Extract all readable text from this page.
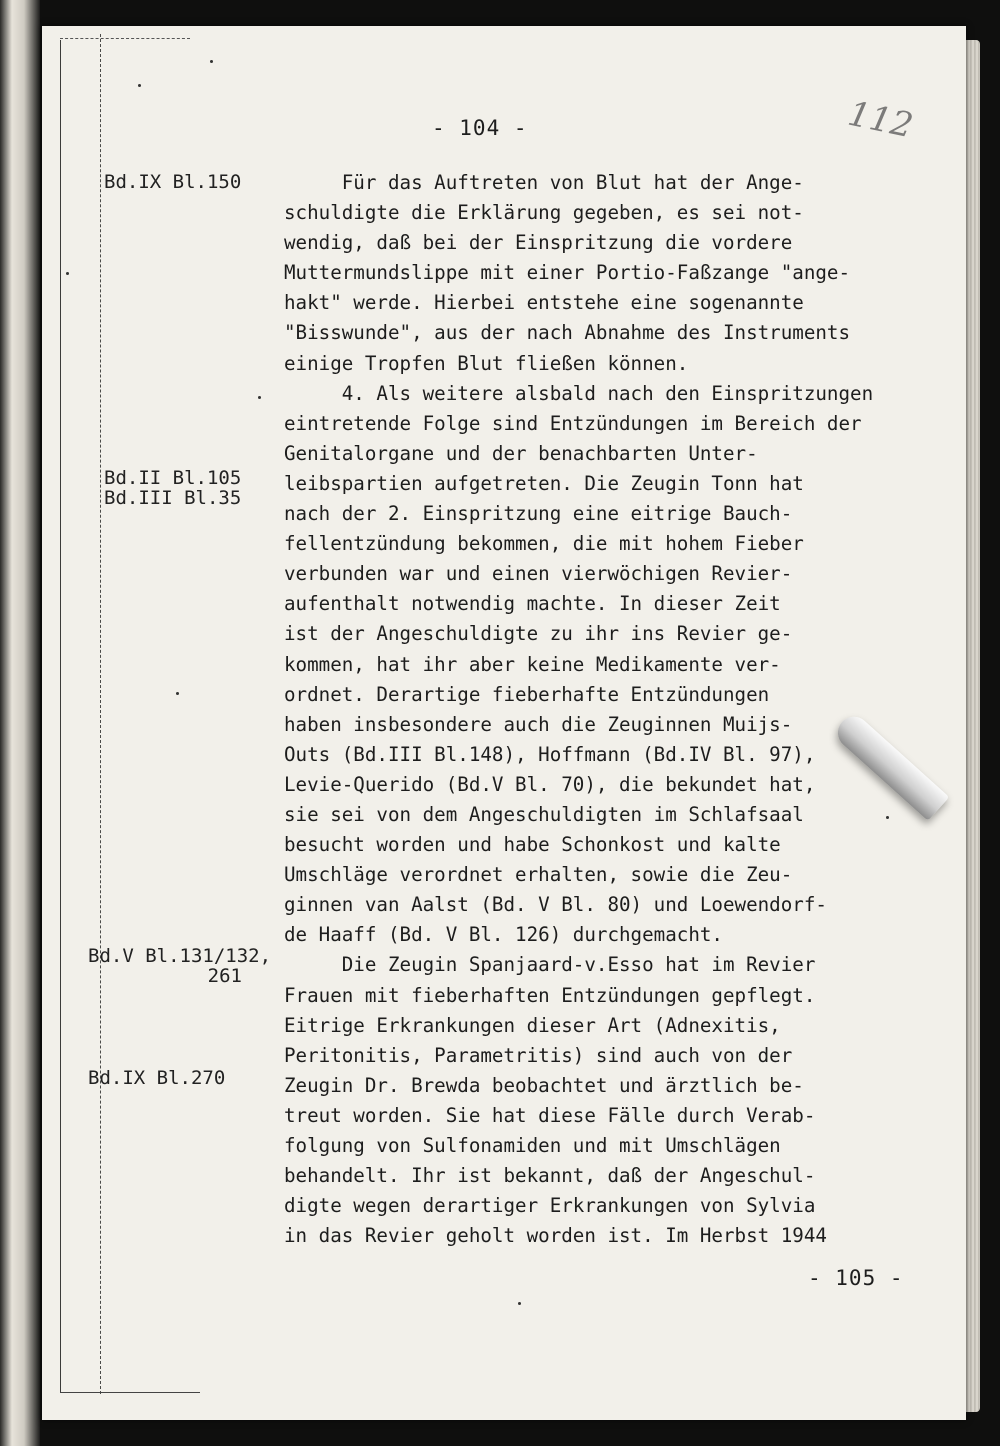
- 104 -	112
Bd.IX Bl.150
Bd.II Bl.105
Bd.III Bl.35
Bd.V Bl.131/132,
261
Bd.IX Bl.270
Für das Auftreten von Blut hat der Ange-
schuldigte die Erklärung gegeben, es sei not-
wendig, daß bei der Einspritzung die vordere
Muttermundslippe mit einer Portio-Faßzange "ange-
hakt" werde. Hierbei entstehe eine sogenannte
"Bisswunde", aus der nach Abnahme des Instruments
einige Tropfen Blut fließen können.
4. Als weitere alsbald nach den Einspritzungen
eintretende Folge sind Entzündungen im Bereich der
Genitalorgane und der benachbarten Unter-
leibspartien aufgetreten. Die Zeugin Tonn hat
nach der 2. Einspritzung eine eitrige Bauch-
fellentzündung bekommen, die mit hohem Fieber
verbunden war und einen vierwöchigen Revier-
aufenthalt notwendig machte. In dieser Zeit
ist der Angeschuldigte zu ihr ins Revier ge-
kommen, hat ihr aber keine Medikamente ver-
ordnet. Derartige fieberhafte Entzündungen
haben insbesondere auch die Zeuginnen Muijs-
Outs (Bd.III Bl.148), Hoffmann (Bd.IV Bl. 97),
Levie-Querido (Bd.V Bl. 70), die bekundet hat,
sie sei von dem Angeschuldigten im Schlafsaal
besucht worden und habe Schonkost und kalte
Umschläge verordnet erhalten, sowie die Zeu-
ginnen van Aalst (Bd. V Bl. 80) und Loewendorf-
de Haaff (Bd. V Bl. 126) durchgemacht.
Die Zeugin Spanjaard-v.Esso hat im Revier
Frauen mit fieberhaften Entzündungen gepflegt.
Eitrige Erkrankungen dieser Art (Adnexitis,
Peritonitis, Parametritis) sind auch von der
Zeugin Dr. Brewda beobachtet und ärztlich be-
treut worden. Sie hat diese Fälle durch Verab-
folgung von Sulfonamiden und mit Umschlägen
behandelt. Ihr ist bekannt, daß der Angeschul-
digte wegen derartiger Erkrankungen von Sylvia
in das Revier geholt worden ist. Im Herbst 1944
- 105 -
